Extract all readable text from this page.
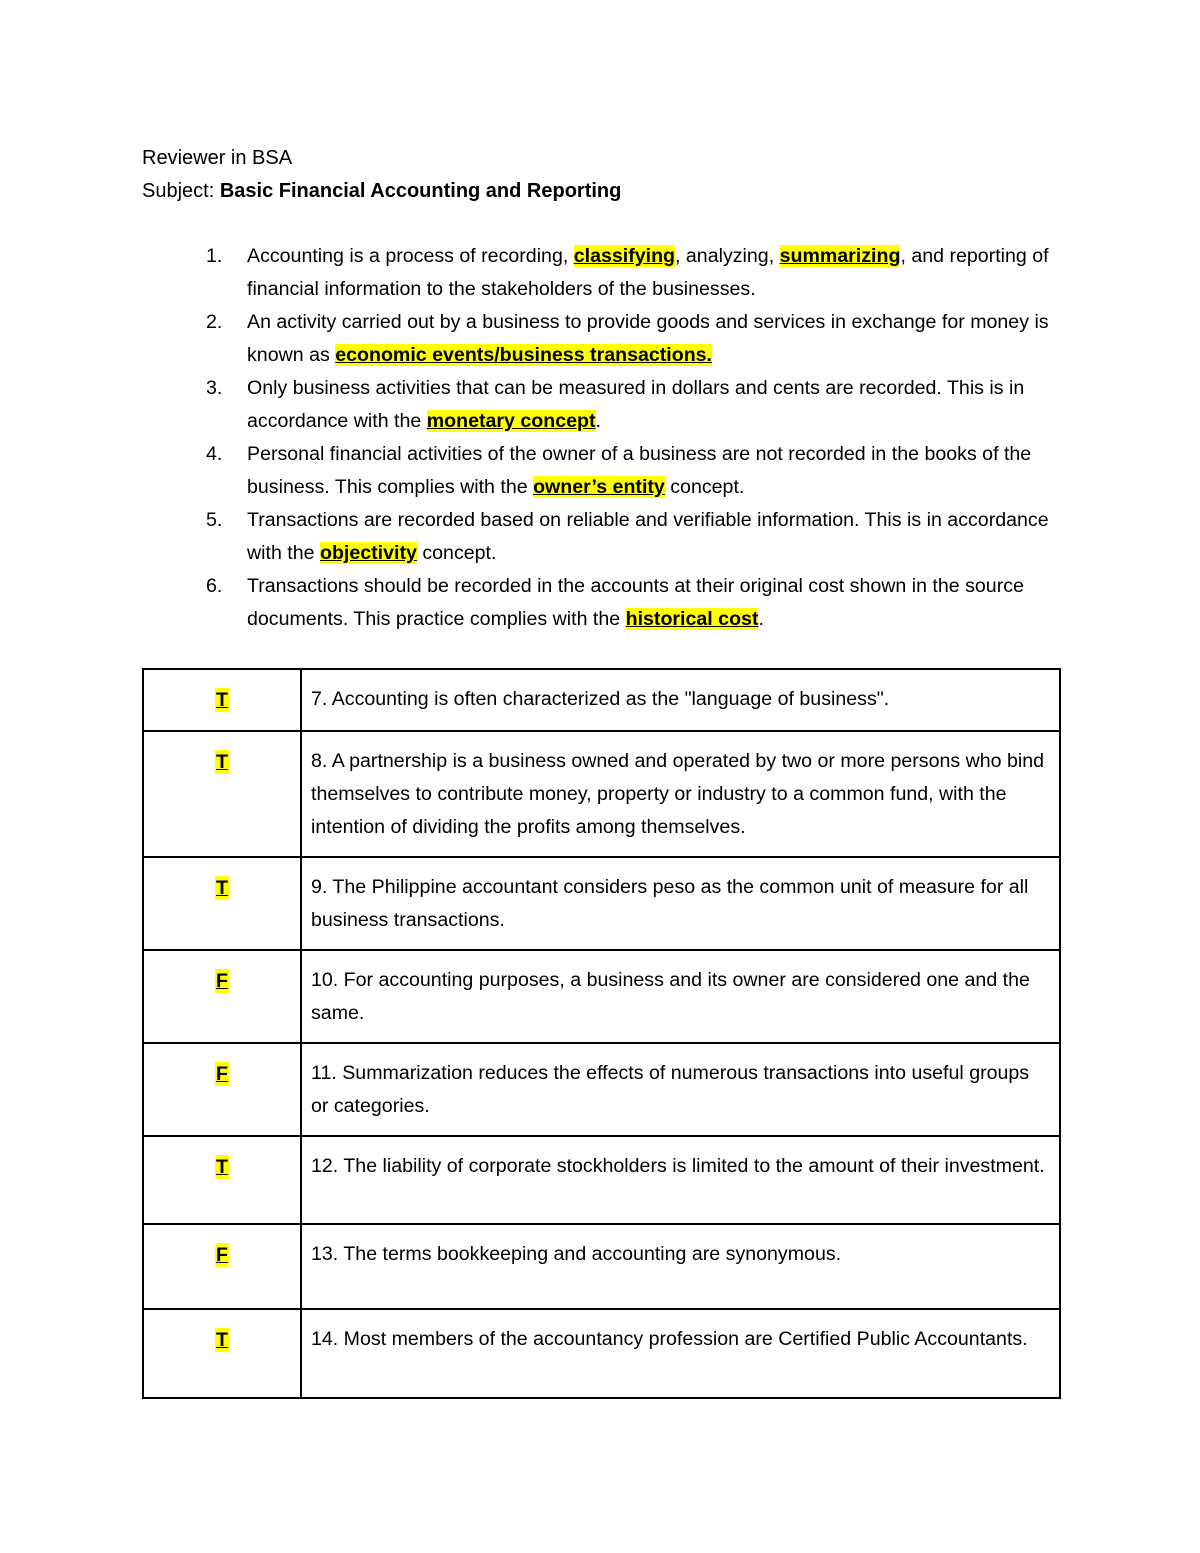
Reviewer in BSA
Subject: Basic Financial Accounting and Reporting
1. Accounting is a process of recording, classifying, analyzing, summarizing, and reporting of financial information to the stakeholders of the businesses.
2. An activity carried out by a business to provide goods and services in exchange for money is known as economic events/business transactions.
3. Only business activities that can be measured in dollars and cents are recorded. This is in accordance with the monetary concept.
4. Personal financial activities of the owner of a business are not recorded in the books of the business. This complies with the owner’s entity concept.
5. Transactions are recorded based on reliable and verifiable information. This is in accordance with the objectivity concept.
6. Transactions should be recorded in the accounts at their original cost shown in the source documents. This practice complies with the historical cost.
T	7. Accounting is often characterized as the "language of business".
T	8. A partnership is a business owned and operated by two or more persons who bind themselves to contribute money, property or industry to a common fund, with the intention of dividing the profits among themselves.
T	9. The Philippine accountant considers peso as the common unit of measure for all business transactions.
F	10. For accounting purposes, a business and its owner are considered one and the same.
F	11. Summarization reduces the effects of numerous transactions into useful groups or categories.
T	12. The liability of corporate stockholders is limited to the amount of their investment.
F	13. The terms bookkeeping and accounting are synonymous.
T	14. Most members of the accountancy profession are Certified Public Accountants.
